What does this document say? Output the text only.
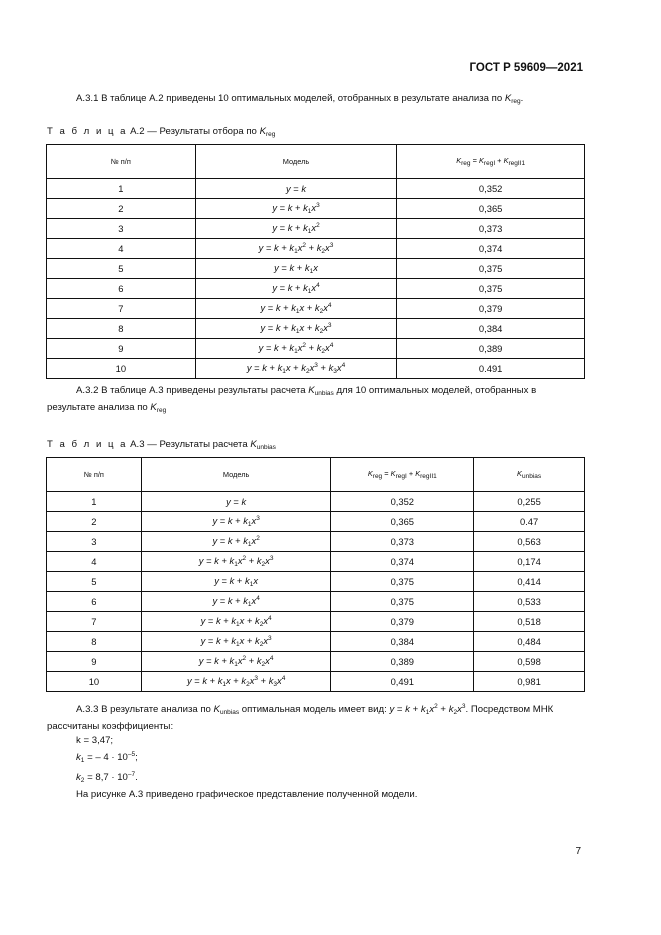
ГОСТ Р 59609—2021
А.3.1 В таблице А.2 приведены 10 оптимальных моделей, отобранных в результате анализа по $K_{reg}$.
Т а б л и ц а А.2 — Результаты отбора по $K_{reg}$
№ п/п	Модель	$K_{reg} = K_{regI} + K_{regII1}$
1	y = k	0,352
2	$y = k + k_1x^3$	0,365
3	$y = k + k_1x^2$	0,373
4	$y = k + k_1x^2 + k_2x^3$	0,374
5	$y = k + k_1x$	0,375
6	$y = k + k_1x^4$	0,375
7	$y = k + k_1x + k_2x^4$	0,379
8	$y = k + k_1x + k_2x^3$	0,384
9	$y = k + k_1x^2 + k_2x^4$	0,389
10	$y = k + k_1x + k_2x^3 + k_3x^4$	0.491
А.3.2 В таблице А.3 приведены результаты расчета $K_{unbias}$ для 10 оптимальных моделей, отобранных в
результате анализа по $K_{reg}$
Т а б л и ц а А.3 — Результаты расчета $K_{unbias}$
№ п/п	Модель	$K_{reg} = K_{regI} + K_{regII1}$	$K_{unbias}$
1	y = k	0,352	0,255
2	$y = k + k_1x^3$	0,365	0.47
3	$y = k + k_1x^2$	0,373	0,563
4	$y = k + k_1x^2 + k_2x^3$	0,374	0,174
5	$y = k + k_1x$	0,375	0,414
6	$y = k + k_1x^4$	0,375	0,533
7	$y = k + k_1x + k_2x^4$	0,379	0,518
8	$y = k + k_1x + k_2x^3$	0,384	0,484
9	$y = k + k_1x^2 + k_2x^4$	0,389	0,598
10	$y = k + k_1x + k_2x^3 + k_3x^4$	0,491	0,981
А.3.3 В результате анализа по $K_{unbias}$ оптимальная модель имеет вид: $y = k + k_1x^2 + k_2x^3$. Посредством МНК
рассчитаны коэффициенты:
k = 3,47;
$k_1$ = – $4 \cdot 10^{-5}$;
$k_2 = 8,7 \cdot 10^{-7}$.
На рисунке А.3 приведено графическое представление полученной модели.
7
